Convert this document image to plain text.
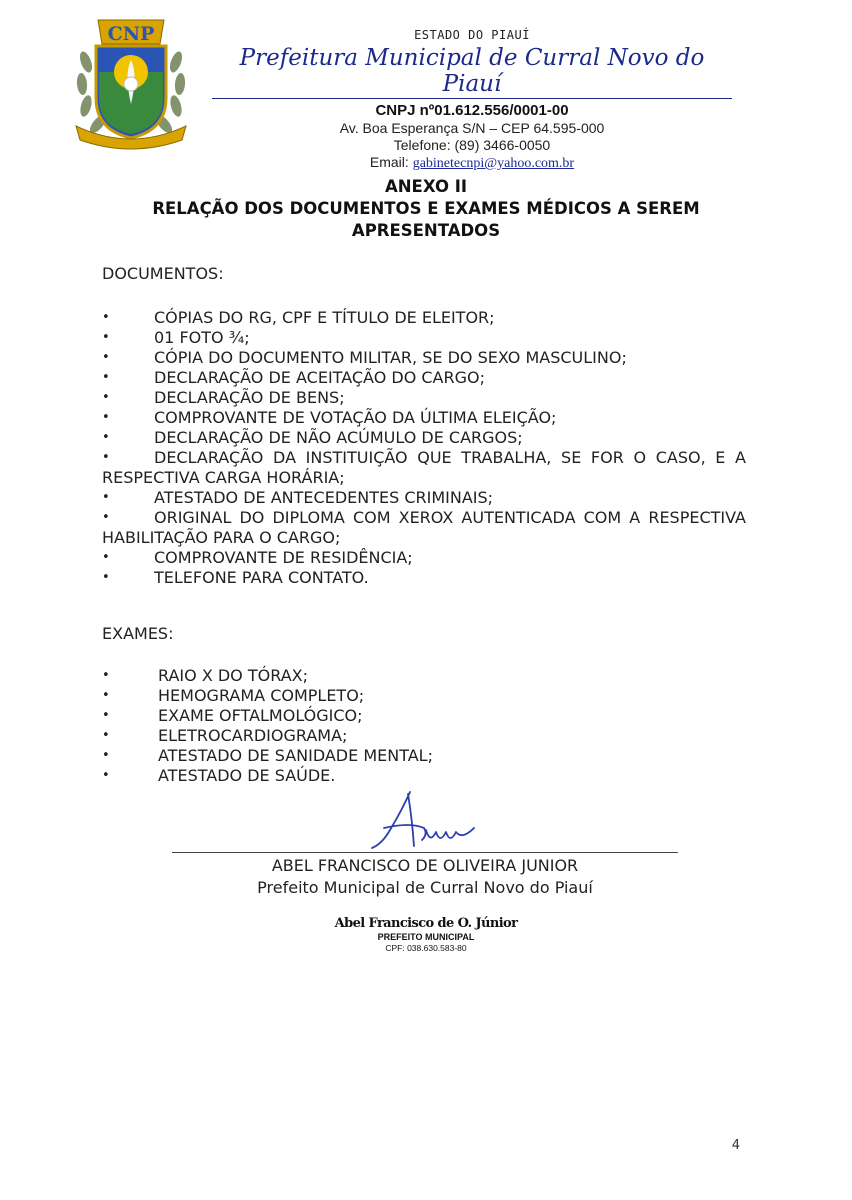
CNP	ESTADO DO PIAUÍ
Prefeitura Municipal de Curral Novo do Piauí
CNPJ nº01.612.556/0001-00
Av. Boa Esperança S/N – CEP 64.595-000
Telefone: (89) 3466-0050
Email: gabinetecnpi@yahoo.com.br
ANEXO II
RELAÇÃO DOS DOCUMENTOS E EXAMES MÉDICOS A SEREM
APRESENTADOS
DOCUMENTOS:
• CÓPIAS DO RG, CPF E TÍTULO DE ELEITOR;
• 01 FOTO ¾;
• CÓPIA DO DOCUMENTO MILITAR, SE DO SEXO MASCULINO;
• DECLARAÇÃO DE ACEITAÇÃO DO CARGO;
• DECLARAÇÃO DE BENS;
• COMPROVANTE DE VOTAÇÃO DA ÚLTIMA ELEIÇÃO;
• DECLARAÇÃO DE NÃO ACÚMULO DE CARGOS;
• DECLARAÇÃO DA INSTITUIÇÃO QUE TRABALHA, SE FOR O CASO, E A RESPECTIVA CARGA HORÁRIA;
• ATESTADO DE ANTECEDENTES CRIMINAIS;
• ORIGINAL DO DIPLOMA COM XEROX AUTENTICADA COM A RESPECTIVA HABILITAÇÃO PARA O CARGO;
• COMPROVANTE DE RESIDÊNCIA;
• TELEFONE PARA CONTATO.
EXAMES:
• RAIO X DO TÓRAX;
• HEMOGRAMA COMPLETO;
• EXAME OFTALMOLÓGICO;
• ELETROCARDIOGRAMA;
• ATESTADO DE SANIDADE MENTAL;
• ATESTADO DE SAÚDE.
ABEL FRANCISCO DE OLIVEIRA JUNIOR
Prefeito Municipal de Curral Novo do Piauí
Abel Francisco de O. Júnior
PREFEITO MUNICIPAL
CPF: 038.630.583-80
4
